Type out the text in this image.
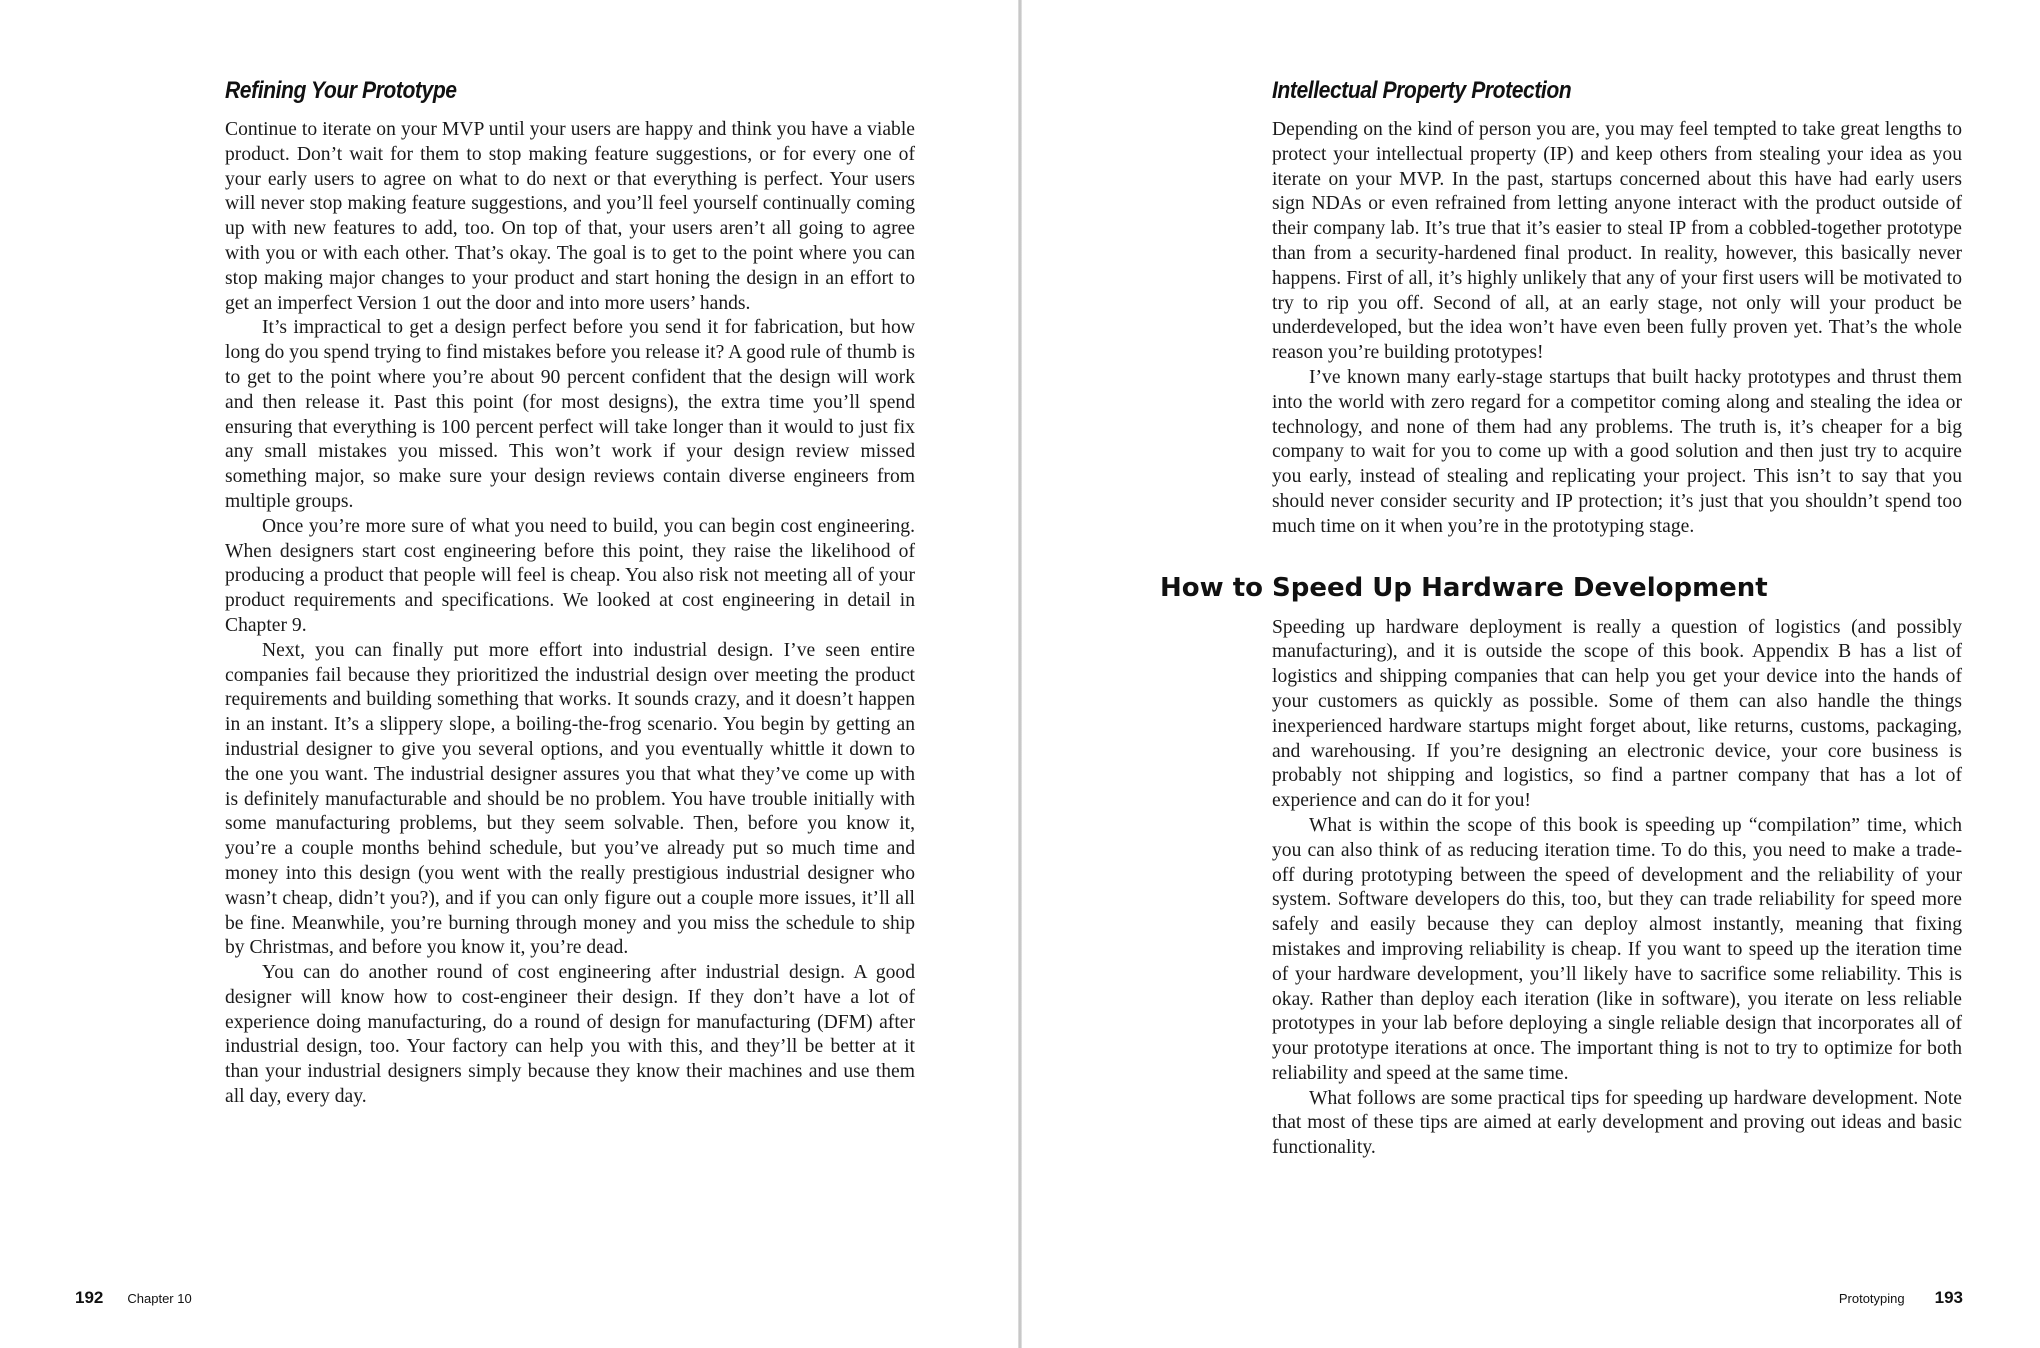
Refining Your Prototype

Continue to iterate on your MVP until your users are happy and think you have a viable product. Don’t wait for them to stop making feature suggestions, or for every one of your early users to agree on what to do next or that everything is perfect. Your users will never stop making feature suggestions, and you’ll feel yourself continually coming up with new features to add, too. On top of that, your users aren’t all going to agree with you or with each other. That’s okay. The goal is to get to the point where you can stop making major changes to your product and start honing the design in an effort to get an imperfect Version 1 out the door and into more users’ hands.

It’s impractical to get a design perfect before you send it for fabrication, but how long do you spend trying to find mistakes before you release it? A good rule of thumb is to get to the point where you’re about 90 percent confident that the design will work and then release it. Past this point (for most designs), the extra time you’ll spend ensuring that everything is 100 percent perfect will take longer than it would to just fix any small mistakes you missed. This won’t work if your design review missed something major, so make sure your design reviews contain diverse engineers from multiple groups.

Once you’re more sure of what you need to build, you can begin cost engineering. When designers start cost engineering before this point, they raise the likelihood of producing a product that people will feel is cheap. You also risk not meeting all of your product requirements and specifications. We looked at cost engineering in detail in Chapter 9.

Next, you can finally put more effort into industrial design. I’ve seen entire companies fail because they prioritized the industrial design over meeting the product requirements and building something that works. It sounds crazy, and it doesn’t happen in an instant. It’s a slippery slope, a boiling-the-frog scenario. You begin by getting an industrial designer to give you several options, and you eventually whittle it down to the one you want. The industrial designer assures you that what they’ve come up with is definitely manufacturable and should be no problem. You have trouble initially with some manufacturing problems, but they seem solvable. Then, before you know it, you’re a couple months behind schedule, but you’ve already put so much time and money into this design (you went with the really prestigious industrial designer who wasn’t cheap, didn’t you?), and if you can only figure out a couple more issues, it’ll all be fine. Meanwhile, you’re burning through money and you miss the schedule to ship by Christmas, and before you know it, you’re dead.

You can do another round of cost engineering after industrial design. A good designer will know how to cost-engineer their design. If they don’t have a lot of experience doing manufacturing, do a round of design for manufacturing (DFM) after industrial design, too. Your factory can help you with this, and they’ll be better at it than your industrial designers simply because they know their machines and use them all day, every day.

192 Chapter 10
Intellectual Property Protection

Depending on the kind of person you are, you may feel tempted to take great lengths to protect your intellectual property (IP) and keep others from stealing your idea as you iterate on your MVP. In the past, startups concerned about this have had early users sign NDAs or even refrained from letting anyone interact with the product outside of their company lab. It’s true that it’s easier to steal IP from a cobbled-together prototype than from a security-hardened final product. In reality, however, this basically never happens. First of all, it’s highly unlikely that any of your first users will be motivated to try to rip you off. Second of all, at an early stage, not only will your product be underdeveloped, but the idea won’t have even been fully proven yet. That’s the whole reason you’re building prototypes!

I’ve known many early-stage startups that built hacky prototypes and thrust them into the world with zero regard for a competitor coming along and stealing the idea or technology, and none of them had any problems. The truth is, it’s cheaper for a big company to wait for you to come up with a good solution and then just try to acquire you early, instead of stealing and replicating your project. This isn’t to say that you should never consider security and IP protection; it’s just that you shouldn’t spend too much time on it when you’re in the prototyping stage.

How to Speed Up Hardware Development

Speeding up hardware deployment is really a question of logistics (and possibly manufacturing), and it is outside the scope of this book. Appendix B has a list of logistics and shipping companies that can help you get your device into the hands of your customers as quickly as possible. Some of them can also handle the things inexperienced hardware startups might forget about, like returns, customs, packaging, and warehousing. If you’re designing an electronic device, your core business is probably not shipping and logistics, so find a partner company that has a lot of experience and can do it for you!

What is within the scope of this book is speeding up “compilation” time, which you can also think of as reducing iteration time. To do this, you need to make a trade-off during prototyping between the speed of development and the reliability of your system. Software developers do this, too, but they can trade reliability for speed more safely and easily because they can deploy almost instantly, meaning that fixing mistakes and improving reliability is cheap. If you want to speed up the iteration time of your hardware development, you’ll likely have to sacrifice some reliability. This is okay. Rather than deploy each iteration (like in software), you iterate on less reliable prototypes in your lab before deploying a single reliable design that incorporates all of your prototype iterations at once. The important thing is not to try to optimize for both reliability and speed at the same time.

What follows are some practical tips for speeding up hardware development. Note that most of these tips are aimed at early development and proving out ideas and basic functionality.

Prototyping 193
